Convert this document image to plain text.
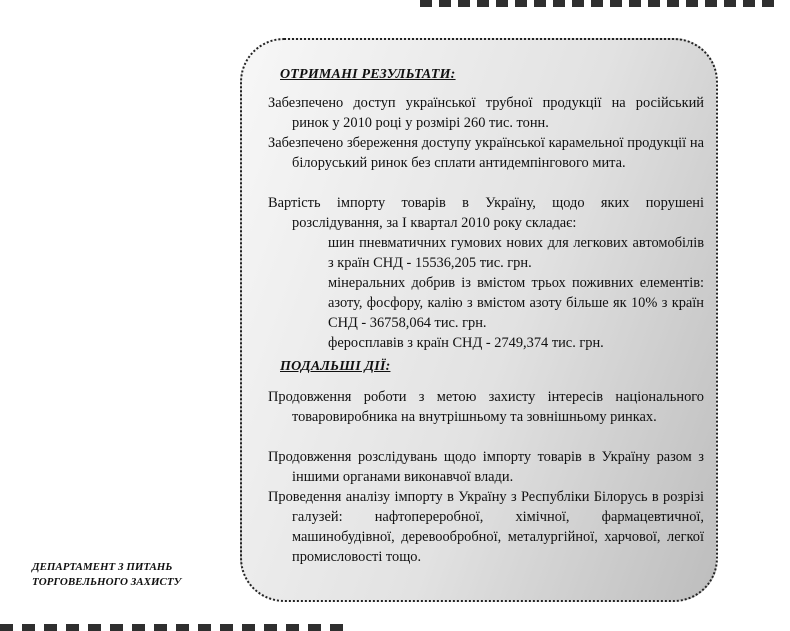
ОТРИМАНІ РЕЗУЛЬТАТИ:
Забезпечено доступ української трубної продукції на російський ринок у 2010 році у розмірі 260 тис. тонн.
Забезпечено збереження доступу української карамельної продукції на білоруський ринок без сплати антидемпінгового мита.
Вартість імпорту товарів в Україну, щодо яких порушені розслідування, за І квартал 2010 року складає:
шин пневматичних гумових нових для легкових автомобілів з країн СНД - 15536,205 тис. грн.
мінеральних добрив із вмістом трьох поживних елементів: азоту, фосфору, калію з вмістом азоту більше як 10% з країн СНД - 36758,064 тис. грн.
феросплавів з країн СНД - 2749,374 тис. грн.
ПОДАЛЬШІ ДІЇ:
Продовження роботи з метою захисту інтересів національного товаровиробника на внутрішньому та зовнішньому ринках.
Продовження розслідувань щодо імпорту товарів в Україну разом з іншими органами виконавчої влади.
Проведення аналізу імпорту в Україну з Республіки Білорусь в розрізі галузей: нафтопереробної, хімічної, фармацевтичної, машинобудівної, деревообробної, металургійної, харчової, легкої промисловості тощо.
ДЕПАРТАМЕНТ З ПИТАНЬ
ТОРГОВЕЛЬНОГО ЗАХИСТУ
